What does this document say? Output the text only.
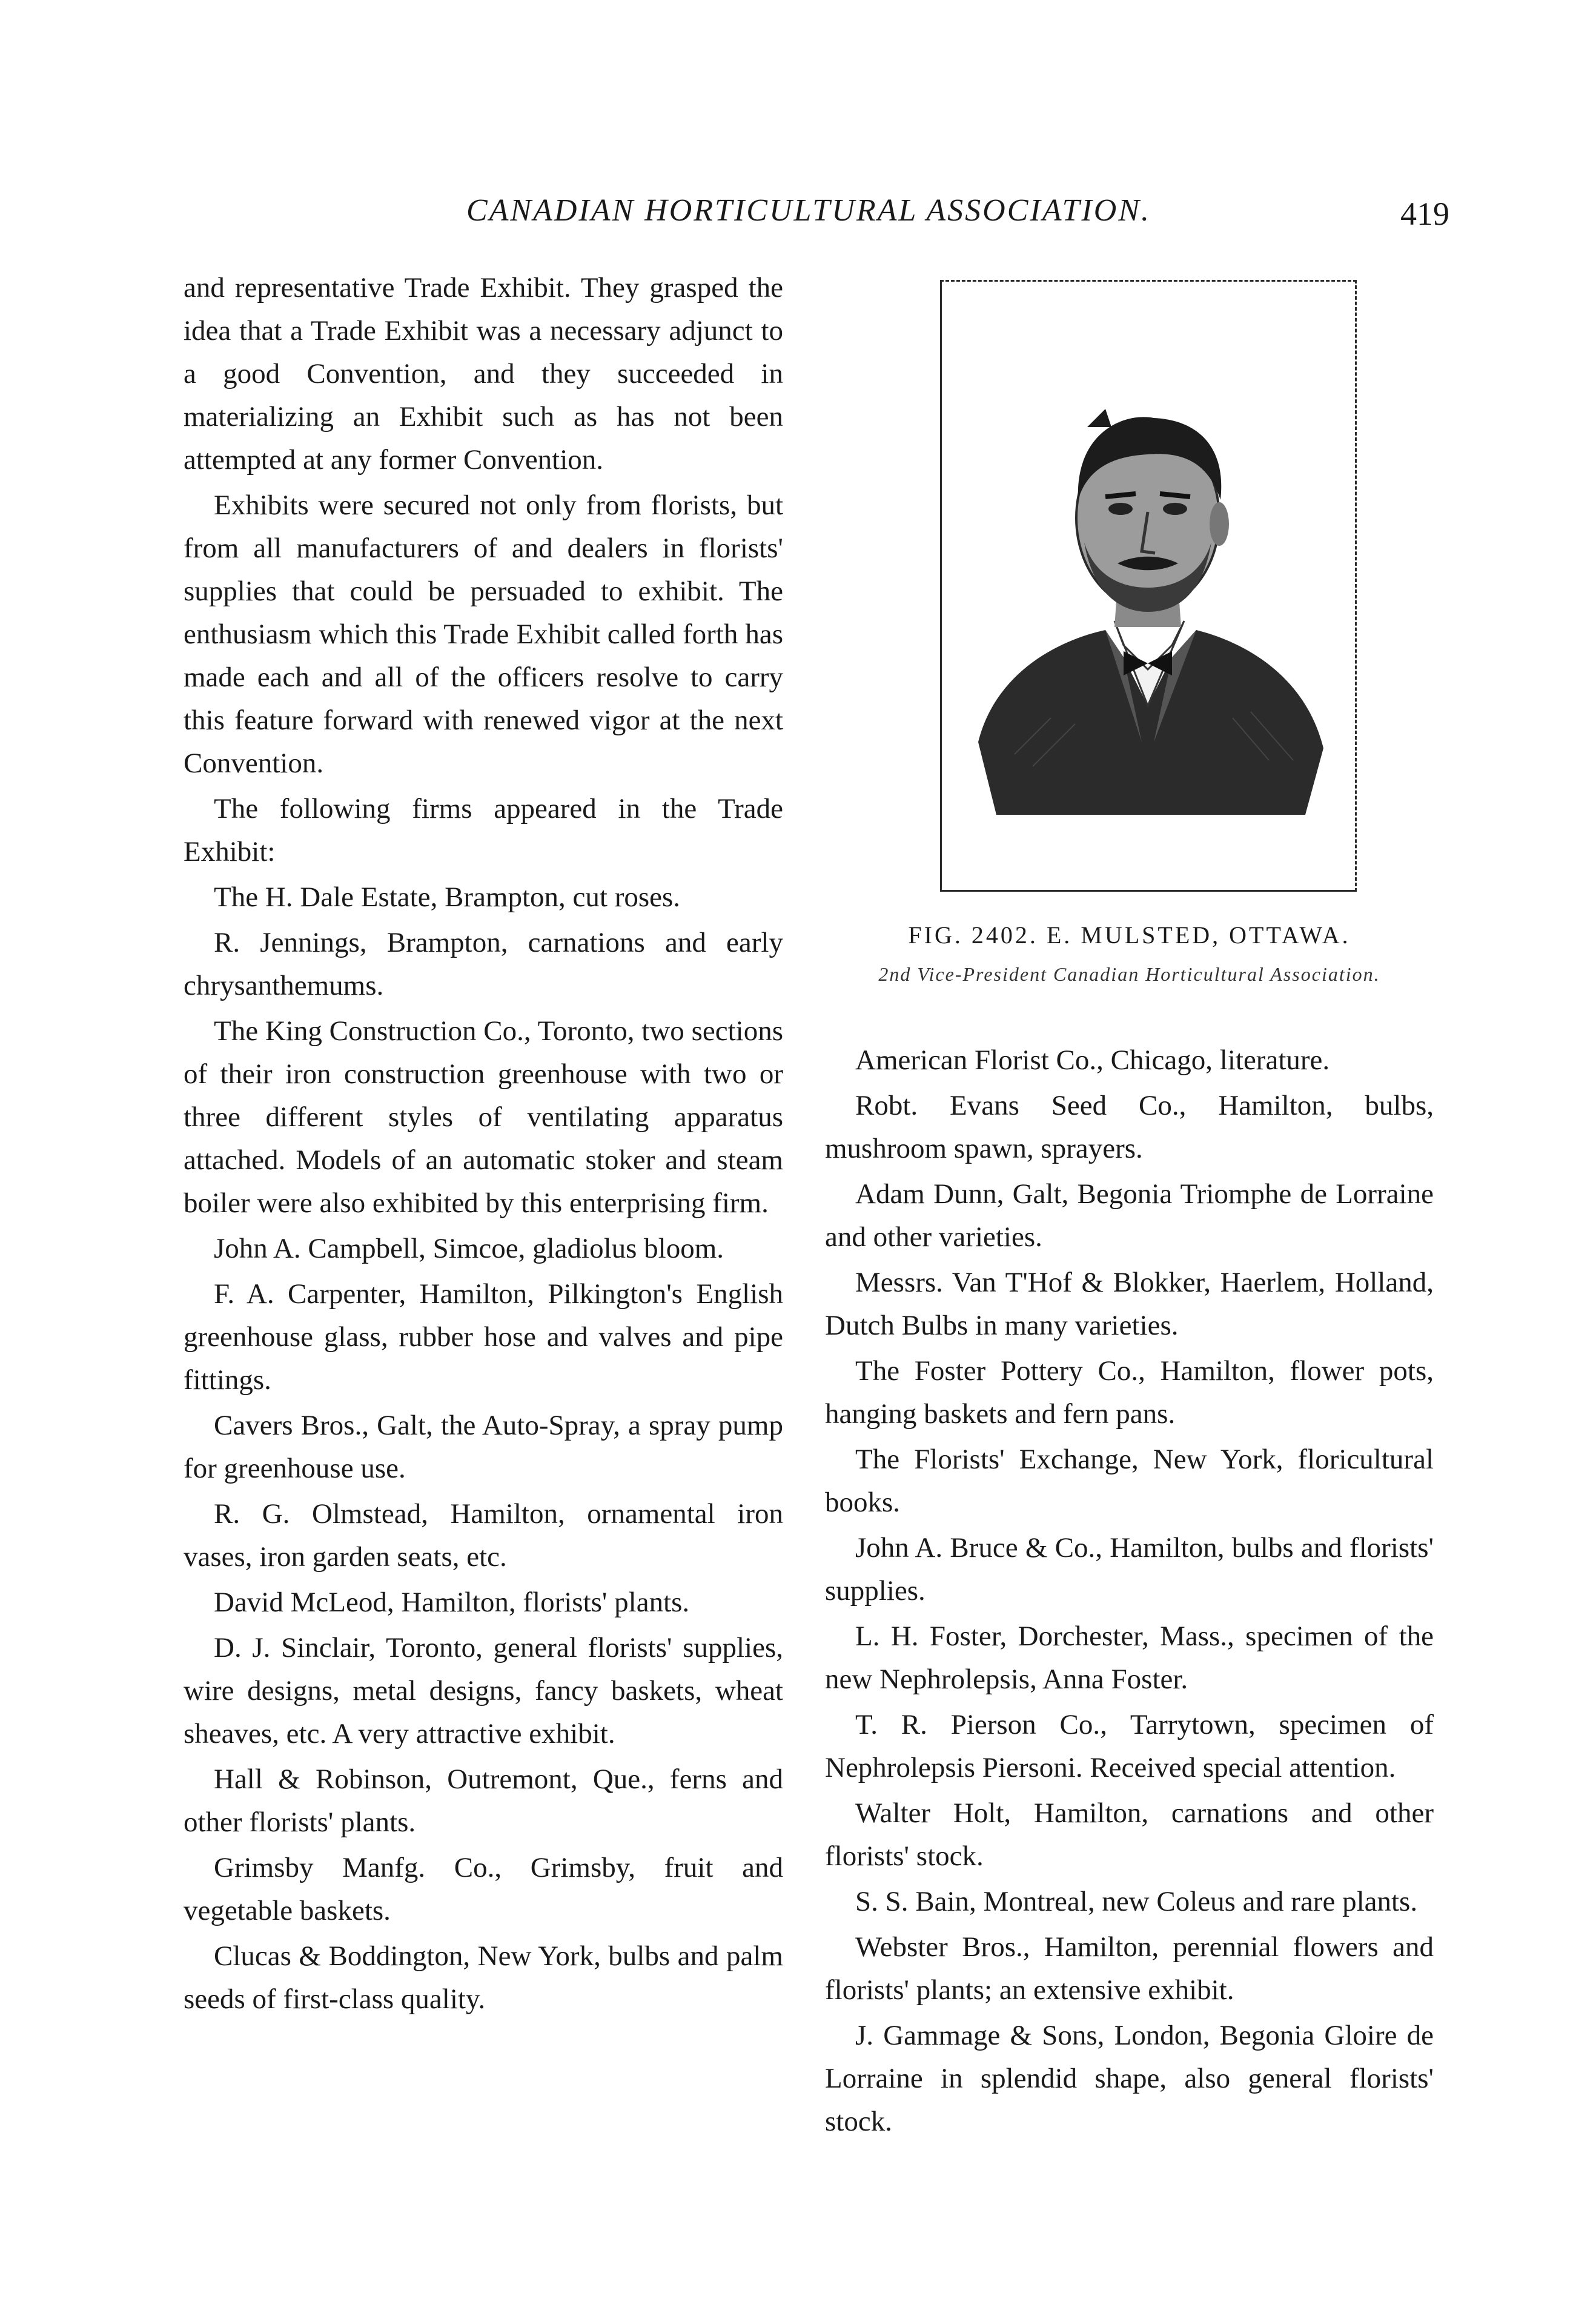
CANADIAN HORTICULTURAL ASSOCIATION.	419

and representative Trade Exhibit. They grasped the idea that a Trade Exhibit was a necessary adjunct to a good Convention, and they succeeded in materializing an Exhibit such as has not been attempted at any former Convention.

Exhibits were secured not only from florists, but from all manufacturers of and dealers in florists' supplies that could be persuaded to exhibit. The enthusiasm which this Trade Exhibit called forth has made each and all of the officers resolve to carry this feature forward with renewed vigor at the next Convention.

The following firms appeared in the Trade Exhibit:

The H. Dale Estate, Brampton, cut roses.

R. Jennings, Brampton, carnations and early chrysanthemums.

The King Construction Co., Toronto, two sections of their iron construction greenhouse with two or three different styles of ventilating apparatus attached. Models of an automatic stoker and steam boiler were also exhibited by this enterprising firm.

John A. Campbell, Simcoe, gladiolus bloom.

F. A. Carpenter, Hamilton, Pilkington's English greenhouse glass, rubber hose and valves and pipe fittings.

Cavers Bros., Galt, the Auto-Spray, a spray pump for greenhouse use.

R. G. Olmstead, Hamilton, ornamental iron vases, iron garden seats, etc.

David McLeod, Hamilton, florists' plants.

D. J. Sinclair, Toronto, general florists' supplies, wire designs, metal designs, fancy baskets, wheat sheaves, etc. A very attractive exhibit.

Hall & Robinson, Outremont, Que., ferns and other florists' plants.

Grimsby Manfg. Co., Grimsby, fruit and vegetable baskets.

Clucas & Boddington, New York, bulbs and palm seeds of first-class quality.

FIG. 2402. E. MULSTED, OTTAWA.
2nd Vice-President Canadian Horticultural Association.

American Florist Co., Chicago, literature.

Robt. Evans Seed Co., Hamilton, bulbs, mushroom spawn, sprayers.

Adam Dunn, Galt, Begonia Triomphe de Lorraine and other varieties.

Messrs. Van T'Hof & Blokker, Haerlem, Holland, Dutch Bulbs in many varieties.

The Foster Pottery Co., Hamilton, flower pots, hanging baskets and fern pans.

The Florists' Exchange, New York, floricultural books.

John A. Bruce & Co., Hamilton, bulbs and florists' supplies.

L. H. Foster, Dorchester, Mass., specimen of the new Nephrolepsis, Anna Foster.

T. R. Pierson Co., Tarrytown, specimen of Nephrolepsis Piersoni. Received special attention.

Walter Holt, Hamilton, carnations and other florists' stock.

S. S. Bain, Montreal, new Coleus and rare plants.

Webster Bros., Hamilton, perennial flowers and florists' plants; an extensive exhibit.

J. Gammage & Sons, London, Begonia Gloire de Lorraine in splendid shape, also general florists' stock.
